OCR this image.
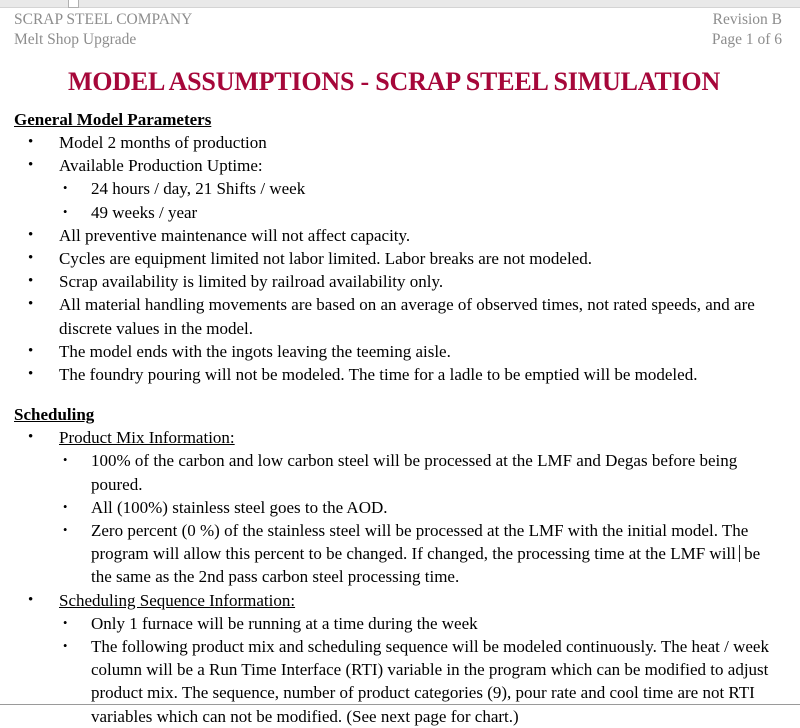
SCRAP STEEL COMPANY
Melt Shop Upgrade
Revision B
Page 1 of 6
MODEL ASSUMPTIONS - SCRAP STEEL SIMULATION
General Model Parameters
• Model 2 months of production
• Available Production Uptime:
• 24 hours / day, 21 Shifts / week
• 49 weeks / year
• All preventive maintenance will not affect capacity.
• Cycles are equipment limited not labor limited. Labor breaks are not modeled.
• Scrap availability is limited by railroad availability only.
• All material handling movements are based on an average of observed times, not rated speeds, and are discrete values in the model.
• The model ends with the ingots leaving the teeming aisle.
• The foundry pouring will not be modeled. The time for a ladle to be emptied will be modeled.
Scheduling
• Product Mix Information:
• 100% of the carbon and low carbon steel will be processed at the LMF and Degas before being poured.
• All (100%) stainless steel goes to the AOD.
• Zero percent (0 %) of the stainless steel will be processed at the LMF with the initial model. The program will allow this percent to be changed. If changed, the processing time at the LMF will be the same as the 2nd pass carbon steel processing time.
• Scheduling Sequence Information:
• Only 1 furnace will be running at a time during the week
• The following product mix and scheduling sequence will be modeled continuously. The heat / week column will be a Run Time Interface (RTI) variable in the program which can be modified to adjust product mix. The sequence, number of product categories (9), pour rate and cool time are not RTI variables which can not be modified. (See next page for chart.)
